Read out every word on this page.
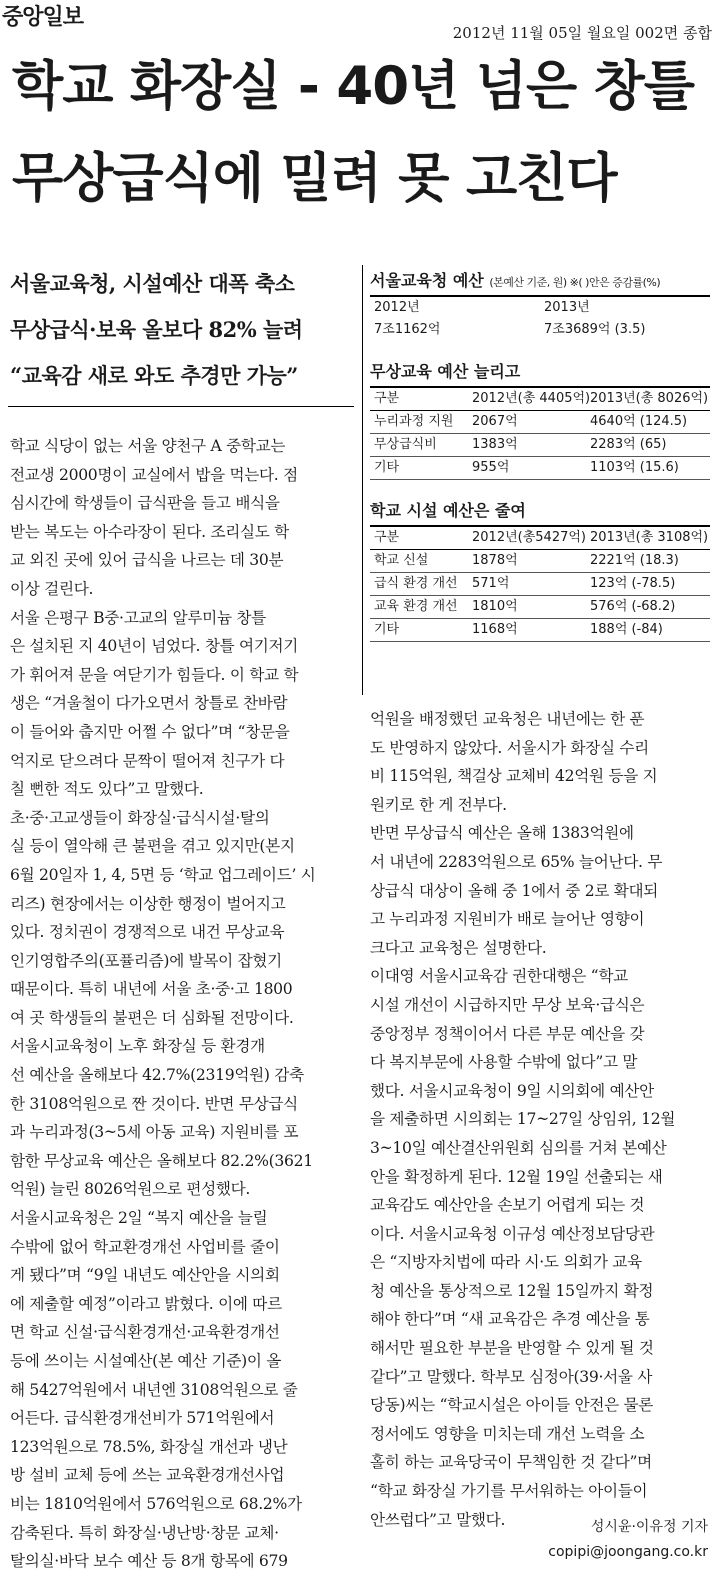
중앙일보
2012년 11월 05일 월요일 002면 종합
학교 화장실 - 40년 넘은 창틀
무상급식에 밀려 못 고친다
서울교육청, 시설예산 대폭 축소
무상급식·보육 올보다 82% 늘려
“교육감 새로 와도 추경만 가능”
서울교육청 예산 (본예산 기준, 원) ※( )안은 증감률(%)
2012년	2013년
7조1162억	7조3689억 (3.5)
무상교육 예산 늘리고
구분	2012년(총 4405억) 2013년(총 8026억)
누리과정 지원	2067억	4640억 (124.5)
무상급식비	1383억	2283억 (65)
기타	955억	1103억 (15.6)
학교 시설 예산은 줄여
구분	2012년(총5427억) 2013년(총 3108억)
학교 신설	1878억	2221억 (18.3)
급식 환경 개선	571억	123억 (-78.5)
교육 환경 개선	1810억	576억 (-68.2)
기타	1168억	188억 (-84)
학교 식당이 없는 서울 양천구 A 중학교는
전교생 2000명이 교실에서 밥을 먹는다. 점
심시간에 학생들이 급식판을 들고 배식을
받는 복도는 아수라장이 된다. 조리실도 학
교 외진 곳에 있어 급식을 나르는 데 30분
이상 걸린다.
서울 은평구 B중·고교의 알루미늄 창틀
은 설치된 지 40년이 넘었다. 창틀 여기저기
가 휘어져 문을 여닫기가 힘들다. 이 학교 학
생은 “겨울철이 다가오면서 창틀로 찬바람
이 들어와 춥지만 어쩔 수 없다”며 “창문을
억지로 닫으려다 문짝이 떨어져 친구가 다
칠 뻔한 적도 있다”고 말했다.
초·중·고교생들이 화장실·급식시설·탈의
실 등이 열악해 큰 불편을 겪고 있지만(본지
6월 20일자 1, 4, 5면 등 ‘학교 업그레이드’ 시
리즈) 현장에서는 이상한 행정이 벌어지고
있다. 정치권이 경쟁적으로 내건 무상교육
인기영합주의(포퓰리즘)에 발목이 잡혔기
때문이다. 특히 내년에 서울 초·중·고 1800
여 곳 학생들의 불편은 더 심화될 전망이다.
서울시교육청이 노후 화장실 등 환경개
선 예산을 올해보다 42.7%(2319억원) 감축
한 3108억원으로 짠 것이다. 반면 무상급식
과 누리과정(3~5세 아동 교육) 지원비를 포
함한 무상교육 예산은 올해보다 82.2%(3621
억원) 늘린 8026억원으로 편성했다.
서울시교육청은 2일 “복지 예산을 늘릴
수밖에 없어 학교환경개선 사업비를 줄이
게 됐다”며 “9일 내년도 예산안을 시의회
에 제출할 예정”이라고 밝혔다. 이에 따르
면 학교 신설·급식환경개선·교육환경개선
등에 쓰이는 시설예산(본 예산 기준)이 올
해 5427억원에서 내년엔 3108억원으로 줄
어든다. 급식환경개선비가 571억원에서
123억원으로 78.5%, 화장실 개선과 냉난
방 설비 교체 등에 쓰는 교육환경개선사업
비는 1810억원에서 576억원으로 68.2%가
감축된다. 특히 화장실·냉난방·창문 교체·
탈의실·바닥 보수 예산 등 8개 항목에 679
억원을 배정했던 교육청은 내년에는 한 푼
도 반영하지 않았다. 서울시가 화장실 수리
비 115억원, 책걸상 교체비 42억원 등을 지
원키로 한 게 전부다.
반면 무상급식 예산은 올해 1383억원에
서 내년에 2283억원으로 65% 늘어난다. 무
상급식 대상이 올해 중 1에서 중 2로 확대되
고 누리과정 지원비가 배로 늘어난 영향이
크다고 교육청은 설명한다.
이대영 서울시교육감 권한대행은 “학교
시설 개선이 시급하지만 무상 보육·급식은
중앙정부 정책이어서 다른 부문 예산을 갖
다 복지부문에 사용할 수밖에 없다”고 말
했다. 서울시교육청이 9일 시의회에 예산안
을 제출하면 시의회는 17~27일 상임위, 12월
3~10일 예산결산위원회 심의를 거쳐 본예산
안을 확정하게 된다. 12월 19일 선출되는 새
교육감도 예산안을 손보기 어렵게 되는 것
이다. 서울시교육청 이규성 예산정보담당관
은 “지방자치법에 따라 시·도 의회가 교육
청 예산을 통상적으로 12월 15일까지 확정
해야 한다”며 “새 교육감은 추경 예산을 통
해서만 필요한 부분을 반영할 수 있게 될 것
같다”고 말했다. 학부모 심정아(39·서울 사
당동)씨는 “학교시설은 아이들 안전은 물론
정서에도 영향을 미치는데 개선 노력을 소
홀히 하는 교육당국이 무책임한 것 같다”며
“학교 화장실 가기를 무서워하는 아이들이
안쓰럽다”고 말했다.	성시윤·이유정 기자
copipi@joongang.co.kr
